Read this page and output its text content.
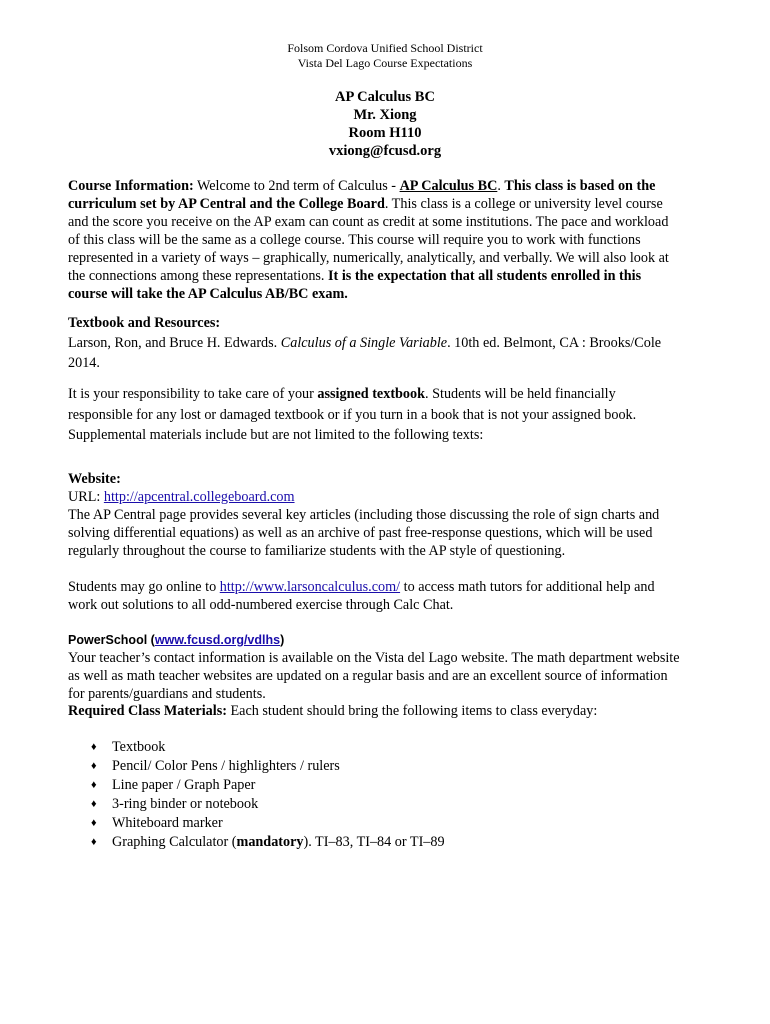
Folsom Cordova Unified School District
Vista Del Lago Course Expectations
AP Calculus BC
Mr. Xiong
Room H110
vxiong@fcusd.org
Course Information: Welcome to 2nd term of Calculus - AP Calculus BC. This class is based on the curriculum set by AP Central and the College Board. This class is a college or university level course and the score you receive on the AP exam can count as credit at some institutions. The pace and workload of this class will be the same as a college course. This course will require you to work with functions represented in a variety of ways – graphically, numerically, analytically, and verbally. We will also look at the connections among these representations. It is the expectation that all students enrolled in this course will take the AP Calculus AB/BC exam.
Textbook and Resources:
Larson, Ron, and Bruce H. Edwards. Calculus of a Single Variable. 10th ed. Belmont, CA : Brooks/Cole 2014.
It is your responsibility to take care of your assigned textbook. Students will be held financially responsible for any lost or damaged textbook or if you turn in a book that is not your assigned book. Supplemental materials include but are not limited to the following texts:
Website:
URL: http://apcentral.collegeboard.com
The AP Central page provides several key articles (including those discussing the role of sign charts and solving differential equations) as well as an archive of past free-response questions, which will be used regularly throughout the course to familiarize students with the AP style of questioning.
Students may go online to http://www.larsoncalculus.com/ to access math tutors for additional help and work out solutions to all odd-numbered exercise through Calc Chat.
PowerSchool (www.fcusd.org/vdlhs)
Your teacher’s contact information is available on the Vista del Lago website. The math department website as well as math teacher websites are updated on a regular basis and are an excellent source of information for parents/guardians and students.
Required Class Materials: Each student should bring the following items to class everyday:
♦ Textbook
♦ Pencil/ Color Pens / highlighters / rulers
♦ Line paper / Graph Paper
♦ 3-ring binder or notebook
♦ Whiteboard marker
♦ Graphing Calculator (mandatory). TI–83, TI–84 or TI–89
